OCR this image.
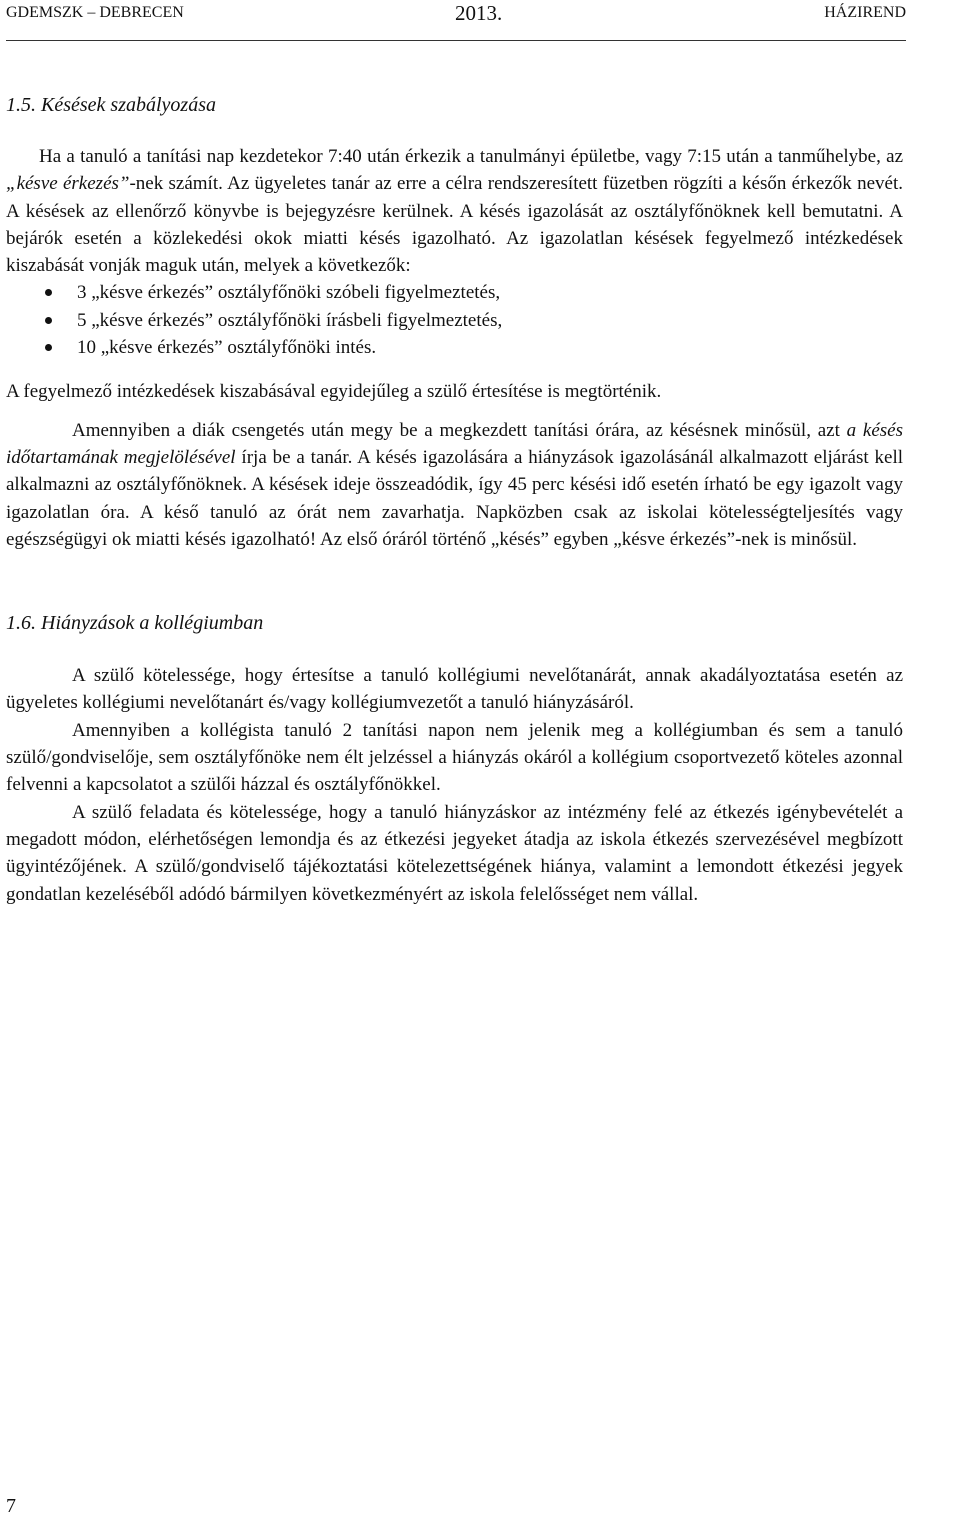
GDEMSZK – DEBRECEN	2013.	HÁZIREND
1.5. Késések szabályozása

Ha a tanuló a tanítási nap kezdetekor 7:40 után érkezik a tanulmányi épületbe, vagy 7:15 után a tanműhelybe, az „késve érkezés”-nek számít. Az ügyeletes tanár az erre a célra rendszeresített füzetben rögzíti a későn érkezők nevét. A késések az ellenőrző könyvbe is bejegyzésre kerülnek. A késés igazolását az osztályfőnöknek kell bemutatni. A bejárók esetén a közlekedési okok miatti késés igazolható. Az igazolatlan késések fegyelmező intézkedések kiszabását vonják maguk után, melyek a következők:

3 „késve érkezés” osztályfőnöki szóbeli figyelmeztetés,
5 „késve érkezés” osztályfőnöki írásbeli figyelmeztetés,
10 „késve érkezés” osztályfőnöki intés.

A fegyelmező intézkedések kiszabásával egyidejűleg a szülő értesítése is megtörténik.

Amennyiben a diák csengetés után megy be a megkezdett tanítási órára, az késésnek minősül, azt a késés időtartamának megjelölésével írja be a tanár. A késés igazolására a hiányzások igazolásánál alkalmazott eljárást kell alkalmazni az osztályfőnöknek. A késések ideje összeadódik, így 45 perc késési idő esetén írható be egy igazolt vagy igazolatlan óra. A késő tanuló az órát nem zavarhatja. Napközben csak az iskolai kötelességteljesítés vagy egészségügyi ok miatti késés igazolható! Az első óráról történő „késés” egyben „késve érkezés”-nek is minősül.

1.6. Hiányzások a kollégiumban

A szülő kötelessége, hogy értesítse a tanuló kollégiumi nevelőtanárát, annak akadályoztatása esetén az ügyeletes kollégiumi nevelőtanárt és/vagy kollégiumvezetőt a tanuló hiányzásáról.

Amennyiben a kollégista tanuló 2 tanítási napon nem jelenik meg a kollégiumban és sem a tanuló szülő/gondviselője, sem osztályfőnöke nem élt jelzéssel a hiányzás okáról a kollégium csoportvezető köteles azonnal felvenni a kapcsolatot a szülői házzal és osztályfőnökkel.

A szülő feladata és kötelessége, hogy a tanuló hiányzáskor az intézmény felé az étkezés igénybevételét a megadott módon, elérhetőségen lemondja és az étkezési jegyeket átadja az iskola étkezés szervezésével megbízott ügyintézőjének. A szülő/gondviselő tájékoztatási kötelezettségének hiánya, valamint a lemondott étkezési jegyek gondatlan kezeléséből adódó bármilyen következményért az iskola felelősséget nem vállal.

7
